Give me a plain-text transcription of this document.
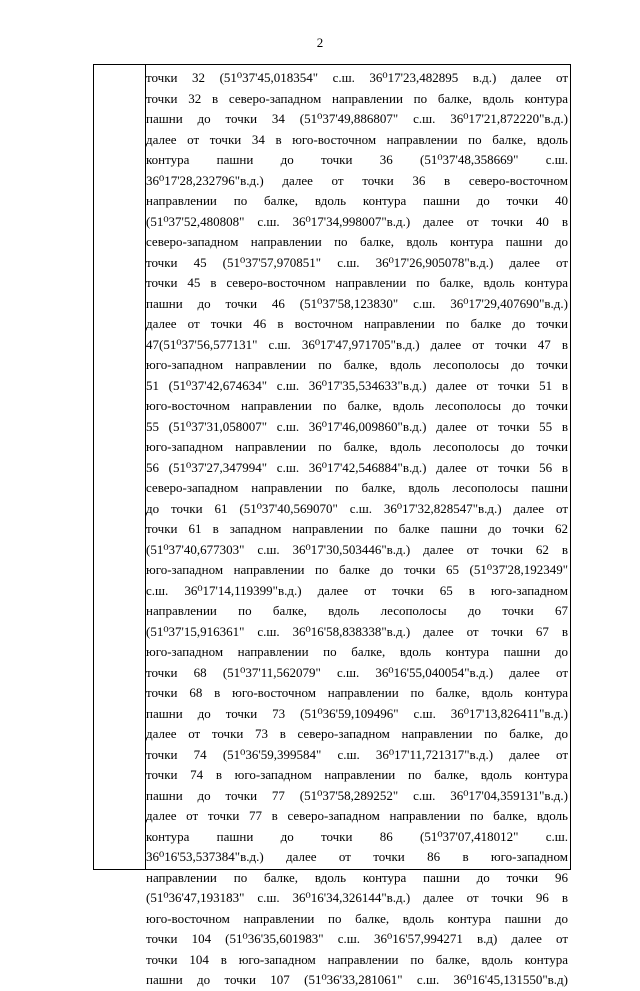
2
точки 32 (51⁰37'45,018354" с.ш. 36⁰17'23,482895 в.д.) далее от
точки 32 в северо-западном направлении по балке, вдоль контура
пашни до точки 34 (51⁰37'49,886807" с.ш. 36⁰17'21,872220"в.д.)
далее от точки 34 в юго-восточном направлении по балке, вдоль
контура пашни до точки 36 (51⁰37'48,358669" с.ш.
36⁰17'28,232796"в.д.) далее от точки 36 в северо-восточном
направлении по балке, вдоль контура пашни до точки 40
(51⁰37'52,480808" с.ш. 36⁰17'34,998007"в.д.) далее от точки 40 в
северо-западном направлении по балке, вдоль контура пашни до
точки 45 (51⁰37'57,970851" с.ш. 36⁰17'26,905078"в.д.) далее от
точки 45 в северо-восточном направлении по балке, вдоль контура
пашни до точки 46 (51⁰37'58,123830" с.ш. 36⁰17'29,407690"в.д.)
далее от точки 46 в восточном направлении по балке до точки
47(51⁰37'56,577131" с.ш. 36⁰17'47,971705"в.д.) далее от точки 47 в
юго-западном направлении по балке, вдоль лесополосы до точки
51 (51⁰37'42,674634" с.ш. 36⁰17'35,534633"в.д.) далее от точки 51 в
юго-восточном направлении по балке, вдоль лесополосы до точки
55 (51⁰37'31,058007" с.ш. 36⁰17'46,009860"в.д.) далее от точки 55 в
юго-западном направлении по балке, вдоль лесополосы до точки
56 (51⁰37'27,347994" с.ш. 36⁰17'42,546884"в.д.) далее от точки 56 в
северо-западном направлении по балке, вдоль лесополосы пашни
до точки 61 (51⁰37'40,569070" с.ш. 36⁰17'32,828547"в.д.) далее от
точки 61 в западном направлении по балке пашни до точки 62
(51⁰37'40,677303" с.ш. 36⁰17'30,503446"в.д.) далее от точки 62 в
юго-западном направлении по балке до точки 65 (51⁰37'28,192349"
с.ш. 36⁰17'14,119399"в.д.) далее от точки 65 в юго-западном
направлении по балке, вдоль лесополосы до точки 67
(51⁰37'15,916361" с.ш. 36⁰16'58,838338"в.д.) далее от точки 67 в
юго-западном направлении по балке, вдоль контура пашни до
точки 68 (51⁰37'11,562079" с.ш. 36⁰16'55,040054"в.д.) далее от
точки 68 в юго-восточном направлении по балке, вдоль контура
пашни до точки 73 (51⁰36'59,109496" с.ш. 36⁰17'13,826411"в.д.)
далее от точки 73 в северо-западном направлении по балке, до
точки 74 (51⁰36'59,399584" с.ш. 36⁰17'11,721317"в.д.) далее от
точки 74 в юго-западном направлении по балке, вдоль контура
пашни до точки 77 (51⁰37'58,289252" с.ш. 36⁰17'04,359131"в.д.)
далее от точки 77 в северо-западном направлении по балке, вдоль
контура пашни до точки 86 (51⁰37'07,418012" с.ш.
36⁰16'53,537384"в.д.) далее от точки 86 в юго-западном
направлении по балке, вдоль контура пашни до точки 96
(51⁰36'47,193183" с.ш. 36⁰16'34,326144"в.д.) далее от точки 96 в
юго-восточном направлении по балке, вдоль контура пашни до
точки 104 (51⁰36'35,601983" с.ш. 36⁰16'57,994271 в.д) далее от
точки 104 в юго-западном направлении по балке, вдоль контура
пашни до точки 107 (51⁰36'33,281061" с.ш. 36⁰16'45,131550"в.д)
